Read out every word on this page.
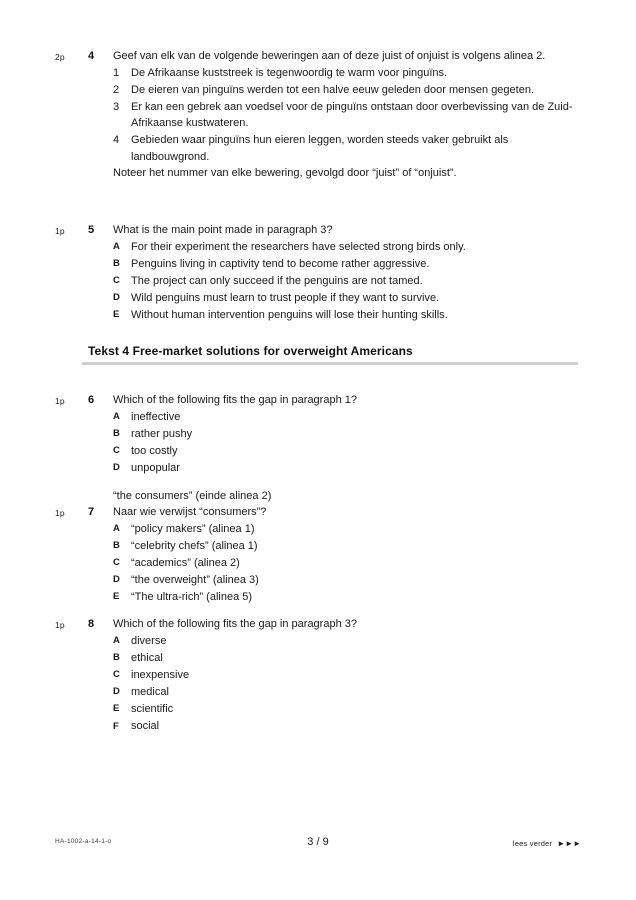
2p	4	Geef van elk van de volgende beweringen aan of deze juist of onjuist is volgens alinea 2.

1	De Afrikaanse kuststreek is tegenwoordig te warm voor pinguïns.
2	De eieren van pinguïns werden tot een halve eeuw geleden door mensen gegeten.
3	Er kan een gebrek aan voedsel voor de pinguïns ontstaan door overbevissing van de Zuid-Afrikaanse kustwateren.
4	Gebieden waar pinguïns hun eieren leggen, worden steeds vaker gebruikt als landbouwgrond.

Noteer het nummer van elke bewering, gevolgd door “juist” of “onjuist”.

1p	5	What is the main point made in paragraph 3?

A	For their experiment the researchers have selected strong birds only.
B	Penguins living in captivity tend to become rather aggressive.
C	The project can only succeed if the penguins are not tamed.
D	Wild penguins must learn to trust people if they want to survive.
E	Without human intervention penguins will lose their hunting skills.
Tekst 4 Free-market solutions for overweight Americans
1p	6	Which of the following fits the gap in paragraph 1?

A	ineffective
B	rather pushy
C	too costly
D	unpopular
“the consumers” (einde alinea 2)
1p	7	Naar wie verwijst “consumers”?

A	“policy makers” (alinea 1)
B	“celebrity chefs” (alinea 1)
C	“academics” (alinea 2)
D	“the overweight” (alinea 3)
E	“The ultra-rich” (alinea 5)
1p	8	Which of the following fits the gap in paragraph 3?

A	diverse
B	ethical
C	inexpensive
D	medical
E	scientific
F	social
HA-1002-a-14-1-o	3 / 9	lees verder ►►►
